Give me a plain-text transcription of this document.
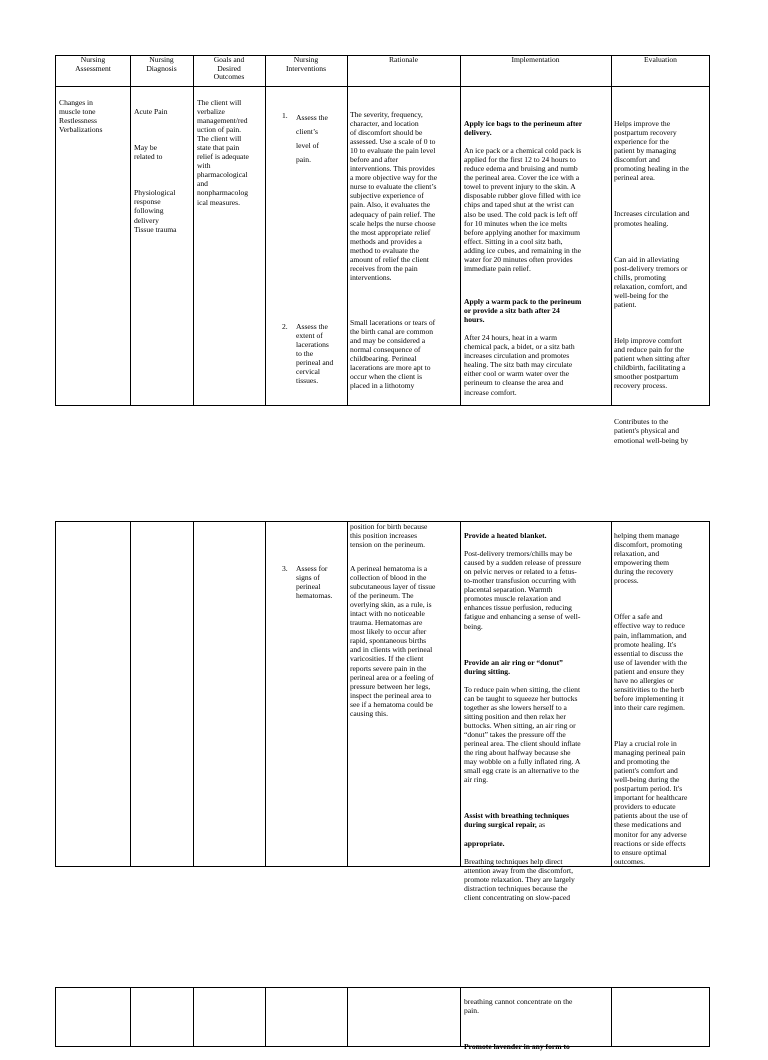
Nursing
Assessment
Nursing
Diagnosis
Goals and
Desired
Outcomes
Nursing
Interventions
Rationale	Implementation	Evaluation
Changes in
muscle tone
Restlessness
Verbalizations

Acute Pain

May be
related to

Physiological
response
following
delivery
Tissue trauma

The client will
verbalize
management/red
uction of pain.
The client will
state that pain
relief is adequate
with
pharmacological
and
nonpharmacolog
ical measures.
1. Assess the
client’s
level of
pain.
2. Assess the
extent of
lacerations
to the
perineal and
cervical
tissues.
The severity, frequency,
character, and location
of discomfort should be
assessed. Use a scale of 0 to
10 to evaluate the pain level
before and after
interventions. This provides
a more objective way for the
nurse to evaluate the client’s
subjective experience of
pain. Also, it evaluates the
adequacy of pain relief. The
scale helps the nurse choose
the most appropriate relief
methods and provides a
method to evaluate the
amount of relief the client
receives from the pain
interventions.
Small lacerations or tears of
the birth canal are common
and may be considered a
normal consequence of
childbearing. Perineal
lacerations are more apt to
occur when the client is
placed in a lithotomy

Apply ice bags to the perineum after
delivery.

An ice pack or a chemical cold pack is
applied for the first 12 to 24 hours to
reduce edema and bruising and numb
the perineal area. Cover the ice with a
towel to prevent injury to the skin. A
disposable rubber glove filled with ice
chips and taped shut at the wrist can
also be used. The cold pack is left off
for 10 minutes when the ice melts
before applying another for maximum
effect. Sitting in a cool sitz bath,
adding ice cubes, and remaining in the
water for 20 minutes often provides
immediate pain relief.

Apply a warm pack to the perineum
or provide a sitz bath after 24
hours.

After 24 hours, heat in a warm
chemical pack, a bidet, or a sitz bath
increases circulation and promotes
healing. The sitz bath may circulate
either cool or warm water over the
perineum to cleanse the area and
increase comfort.

Helps improve the
postpartum recovery
experience for the
patient by managing
discomfort and
promoting healing in the
perineal area.

Increases circulation and
promotes healing.

Can aid in alleviating
post-delivery tremors or
chills, promoting
relaxation, comfort, and
well-being for the
patient.

Help improve comfort
and reduce pain for the
patient when sitting after
childbirth, facilitating a
smoother postpartum
recovery process.

Contributes to the
patient's physical and
emotional well-being by

position for birth because
this position increases
tension on the perineum.
3. Assess for
signs of
perineal
hematomas.
A perineal hematoma is a
collection of blood in the
subcutaneous layer of tissue
of the perineum. The
overlying skin, as a rule, is
intact with no noticeable
trauma. Hematomas are
most likely to occur after
rapid, spontaneous births
and in clients with perineal
varicosities. If the client
reports severe pain in the
perineal area or a feeling of
pressure between her legs,
inspect the perineal area to
see if a hematoma could be
causing this.

Provide a heated blanket.

Post-delivery tremors/chills may be
caused by a sudden release of pressure
on pelvic nerves or related to a fetus-
to-mother transfusion occurring with
placental separation. Warmth
promotes muscle relaxation and
enhances tissue perfusion, reducing
fatigue and enhancing a sense of well-
being.

Provide an air ring or “donut”
during sitting.

To reduce pain when sitting, the client
can be taught to squeeze her buttocks
together as she lowers herself to a
sitting position and then relax her
buttocks. When sitting, an air ring or
“donut” takes the pressure off the
perineal area. The client should inflate
the ring about halfway because she
may wobble on a fully inflated ring. A
small egg crate is an alternative to the
air ring.

Assist with breathing techniques
during surgical repair, as

appropriate.

Breathing techniques help direct
attention away from the discomfort,
promote relaxation. They are largely
distraction techniques because the
client concentrating on slow-paced

helping them manage
discomfort, promoting
relaxation, and
empowering them
during the recovery
process.

Offer a safe and
effective way to reduce
pain, inflammation, and
promote healing. It's
essential to discuss the
use of lavender with the
patient and ensure they
have no allergies or
sensitivities to the herb
before implementing it
into their care regimen.

Play a crucial role in
managing perineal pain
and promoting the
patient's comfort and
well-being during the
postpartum period. It's
important for healthcare
providers to educate
patients about the use of
these medications and
monitor for any adverse
reactions or side effects
to ensure optimal
outcomes.

breathing cannot concentrate on the
pain.

Promote lavender in any form to
